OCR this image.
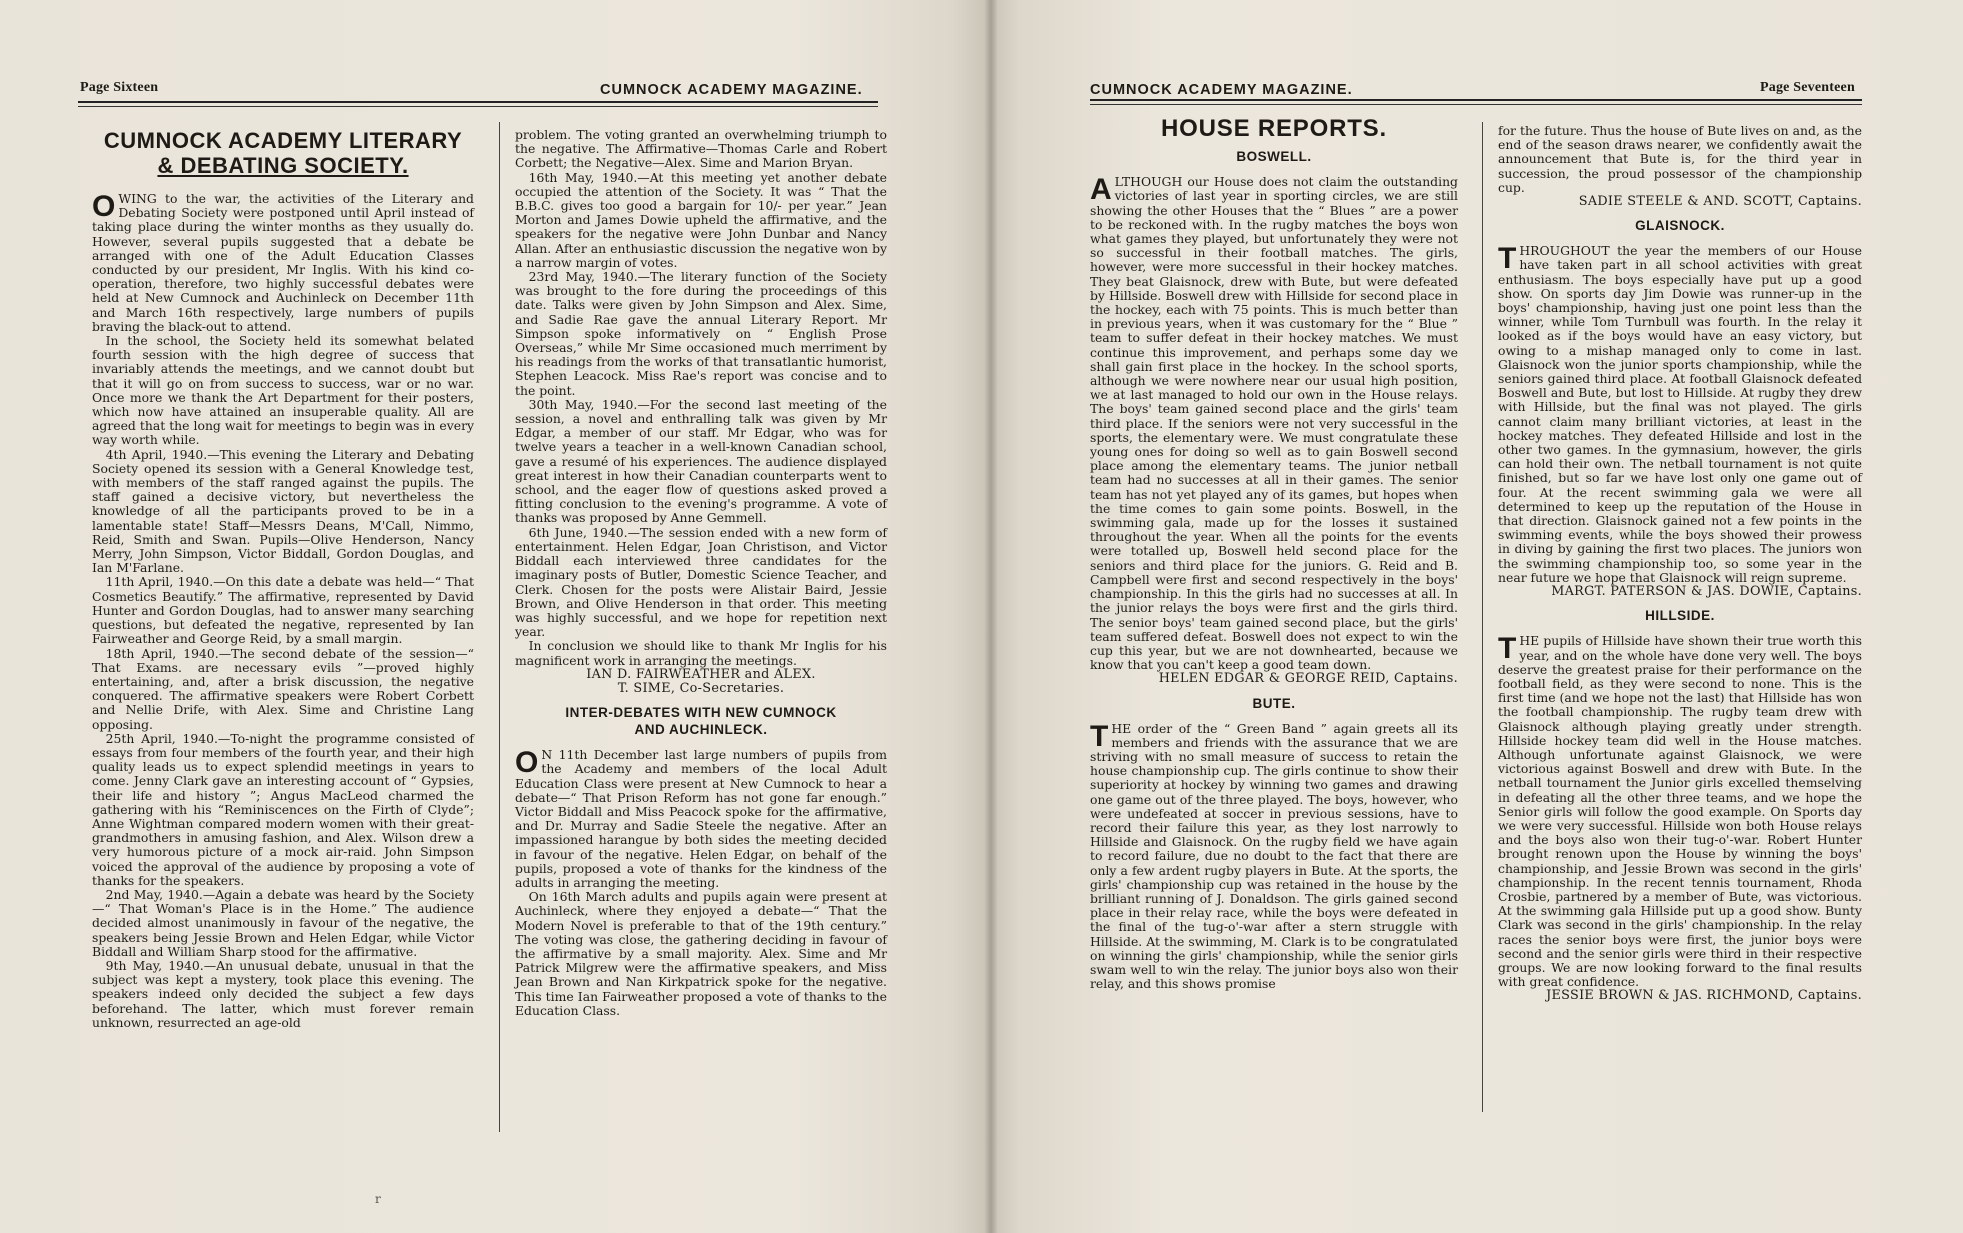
Page Sixteen	CUMNOCK ACADEMY MAGAZINE.
CUMNOCK ACADEMY LITERARY
& DEBATING SOCIETY.

OWING to the war, the activities of the Literary and Debating Society were postponed until April instead of taking place during the winter months as they usually do. However, several pupils suggested that a debate be arranged with one of the Adult Education Classes conducted by our president, Mr Inglis. With his kind co-operation, therefore, two highly successful debates were held at New Cumnock and Auchinleck on December 11th and March 16th respectively, large numbers of pupils braving the black-out to attend.

In the school, the Society held its somewhat belated fourth session with the high degree of success that invariably attends the meetings, and we cannot doubt but that it will go on from success to success, war or no war. Once more we thank the Art Department for their posters, which now have attained an insuperable quality. All are agreed that the long wait for meetings to begin was in every way worth while.

4th April, 1940.—This evening the Literary and Debating Society opened its session with a General Knowledge test, with members of the staff ranged against the pupils. The staff gained a decisive victory, but nevertheless the knowledge of all the participants proved to be in a lamentable state! Staff—Messrs Deans, M'Call, Nimmo, Reid, Smith and Swan. Pupils—Olive Henderson, Nancy Merry, John Simpson, Victor Biddall, Gordon Douglas, and Ian M'Farlane.

11th April, 1940.—On this date a debate was held—“ That Cosmetics Beautify.” The affirmative, represented by David Hunter and Gordon Douglas, had to answer many searching questions, but defeated the negative, represented by Ian Fairweather and George Reid, by a small margin.

18th April, 1940.—The second debate of the session—“ That Exams. are necessary evils ”—proved highly entertaining, and, after a brisk discussion, the negative conquered. The affirmative speakers were Robert Corbett and Nellie Drife, with Alex. Sime and Christine Lang opposing.

25th April, 1940.—To-night the programme consisted of essays from four members of the fourth year, and their high quality leads us to expect splendid meetings in years to come. Jenny Clark gave an interesting account of “ Gypsies, their life and history ”; Angus MacLeod charmed the gathering with his “Reminiscences on the Firth of Clyde”; Anne Wightman compared modern women with their great-grandmothers in amusing fashion, and Alex. Wilson drew a very humorous picture of a mock air-raid. John Simpson voiced the approval of the audience by proposing a vote of thanks for the speakers.

2nd May, 1940.—Again a debate was heard by the Society—“ That Woman's Place is in the Home.” The audience decided almost unanimously in favour of the negative, the speakers being Jessie Brown and Helen Edgar, while Victor Biddall and William Sharp stood for the affirmative.

9th May, 1940.—An unusual debate, unusual in that the subject was kept a mystery, took place this evening. The speakers indeed only decided the subject a few days beforehand. The latter, which must forever remain unknown, resurrected an age-old

problem. The voting granted an overwhelming triumph to the negative. The Affirmative—Thomas Carle and Robert Corbett; the Negative—Alex. Sime and Marion Bryan.

16th May, 1940.—At this meeting yet another debate occupied the attention of the Society. It was “ That the B.B.C. gives too good a bargain for 10/- per year.” Jean Morton and James Dowie upheld the affirmative, and the speakers for the negative were John Dunbar and Nancy Allan. After an enthusiastic discussion the negative won by a narrow margin of votes.

23rd May, 1940.—The literary function of the Society was brought to the fore during the proceedings of this date. Talks were given by John Simpson and Alex. Sime, and Sadie Rae gave the annual Literary Report. Mr Simpson spoke informatively on “ English Prose Overseas,” while Mr Sime occasioned much merriment by his readings from the works of that transatlantic humorist, Stephen Leacock. Miss Rae's report was concise and to the point.

30th May, 1940.—For the second last meeting of the session, a novel and enthralling talk was given by Mr Edgar, a member of our staff. Mr Edgar, who was for twelve years a teacher in a well-known Canadian school, gave a resumé of his experiences. The audience displayed great interest in how their Canadian counterparts went to school, and the eager flow of questions asked proved a fitting conclusion to the evening's programme. A vote of thanks was proposed by Anne Gemmell.

6th June, 1940.—The session ended with a new form of entertainment. Helen Edgar, Joan Christison, and Victor Biddall each interviewed three candidates for the imaginary posts of Butler, Domestic Science Teacher, and Clerk. Chosen for the posts were Alistair Baird, Jessie Brown, and Olive Henderson in that order. This meeting was highly successful, and we hope for repetition next year.

In conclusion we should like to thank Mr Inglis for his magnificent work in arranging the meetings.

IAN D. FAIRWEATHER and ALEX.
T. SIME, Co-Secretaries.

INTER-DEBATES WITH NEW CUMNOCK
AND AUCHINLECK.

O N 11th December last large numbers of pupils from the Academy and members of the local Adult Education Class were present at New Cumnock to hear a debate—“ That Prison Reform has not gone far enough.” Victor Biddall and Miss Peacock spoke for the affirmative, and Dr. Murray and Sadie Steele the negative. After an impassioned harangue by both sides the meeting decided in favour of the negative. Helen Edgar, on behalf of the pupils, proposed a vote of thanks for the kindness of the adults in arranging the meeting.

On 16th March adults and pupils again were present at Auchinleck, where they enjoyed a debate—“ That the Modern Novel is preferable to that of the 19th century.” The voting was close, the gathering deciding in favour of the affirmative by a small majority. Alex. Sime and Mr Patrick Milgrew were the affirmative speakers, and Miss Jean Brown and Nan Kirkpatrick spoke for the negative. This time Ian Fairweather proposed a vote of thanks to the Education Class.

r
CUMNOCK ACADEMY MAGAZINE.	Page Seventeen
HOUSE REPORTS.
BOSWELL.

ALTHOUGH our House does not claim the outstanding victories of last year in sporting circles, we are still showing the other Houses that the “ Blues ” are a power to be reckoned with. In the rugby matches the boys won what games they played, but unfortunately they were not so successful in their football matches. The girls, however, were more successful in their hockey matches. They beat Glaisnock, drew with Bute, but were defeated by Hillside. Boswell drew with Hillside for second place in the hockey, each with 75 points. This is much better than in previous years, when it was customary for the “ Blue ” team to suffer defeat in their hockey matches. We must continue this improvement, and perhaps some day we shall gain first place in the hockey. In the school sports, although we were nowhere near our usual high position, we at last managed to hold our own in the House relays. The boys' team gained second place and the girls' team third place. If the seniors were not very successful in the sports, the elementary were. We must congratulate these young ones for doing so well as to gain Boswell second place among the elementary teams. The junior netball team had no successes at all in their games. The senior team has not yet played any of its games, but hopes when the time comes to gain some points. Boswell, in the swimming gala, made up for the losses it sustained throughout the year. When all the points for the events were totalled up, Boswell held second place for the seniors and third place for the juniors. G. Reid and B. Campbell were first and second respectively in the boys' championship. In this the girls had no successes at all. In the junior relays the boys were first and the girls third. The senior boys' team gained second place, but the girls' team suffered defeat. Boswell does not expect to win the cup this year, but we are not downhearted, because we know that you can't keep a good team down.

HELEN EDGAR & GEORGE REID, Captains.

BUTE.

THE order of the “ Green Band ” again greets all its members and friends with the assurance that we are striving with no small measure of success to retain the house championship cup. The girls continue to show their superiority at hockey by winning two games and drawing one game out of the three played. The boys, however, who were undefeated at soccer in previous sessions, have to record their failure this year, as they lost narrowly to Hillside and Glaisnock. On the rugby field we have again to record failure, due no doubt to the fact that there are only a few ardent rugby players in Bute. At the sports, the girls' championship cup was retained in the house by the brilliant running of J. Donaldson. The girls gained second place in their relay race, while the boys were defeated in the final of the tug-o'-war after a stern struggle with Hillside. At the swimming, M. Clark is to be congratulated on winning the girls' championship, while the senior girls swam well to win the relay. The junior boys also won their relay, and this shows promise

for the future. Thus the house of Bute lives on and, as the end of the season draws nearer, we confidently await the announcement that Bute is, for the third year in succession, the proud possessor of the championship cup.

SADIE STEELE & AND. SCOTT, Captains.

GLAISNOCK.

THROUGHOUT the year the members of our House have taken part in all school activities with great enthusiasm. The boys especially have put up a good show. On sports day Jim Dowie was runner-up in the boys' championship, having just one point less than the winner, while Tom Turnbull was fourth. In the relay it looked as if the boys would have an easy victory, but owing to a mishap managed only to come in last. Glaisnock won the junior sports championship, while the seniors gained third place. At football Glaisnock defeated Boswell and Bute, but lost to Hillside. At rugby they drew with Hillside, but the final was not played. The girls cannot claim many brilliant victories, at least in the hockey matches. They defeated Hillside and lost in the other two games. In the gymnasium, however, the girls can hold their own. The netball tournament is not quite finished, but so far we have lost only one game out of four. At the recent swimming gala we were all determined to keep up the reputation of the House in that direction. Glaisnock gained not a few points in the swimming events, while the boys showed their prowess in diving by gaining the first two places. The juniors won the swimming championship too, so some year in the near future we hope that Glaisnock will reign supreme.

MARGT. PATERSON & JAS. DOWIE, Captains.

HILLSIDE.

THE pupils of Hillside have shown their true worth this year, and on the whole have done very well. The boys deserve the greatest praise for their performance on the football field, as they were second to none. This is the first time (and we hope not the last) that Hillside has won the football championship. The rugby team drew with Glaisnock although playing greatly under strength. Hillside hockey team did well in the House matches. Although unfortunate against Glaisnock, we were victorious against Boswell and drew with Bute. In the netball tournament the Junior girls excelled themselving in defeating all the other three teams, and we hope the Senior girls will follow the good example. On Sports day we were very successful. Hillside won both House relays and the boys also won their tug-o'-war. Robert Hunter brought renown upon the House by winning the boys' championship, and Jessie Brown was second in the girls' championship. In the recent tennis tournament, Rhoda Crosbie, partnered by a member of Bute, was victorious. At the swimming gala Hillside put up a good show. Bunty Clark was second in the girls' championship. In the relay races the senior boys were first, the junior boys were second and the senior girls were third in their respective groups. We are now looking forward to the final results with great confidence.

JESSIE BROWN & JAS. RICHMOND, Captains.
